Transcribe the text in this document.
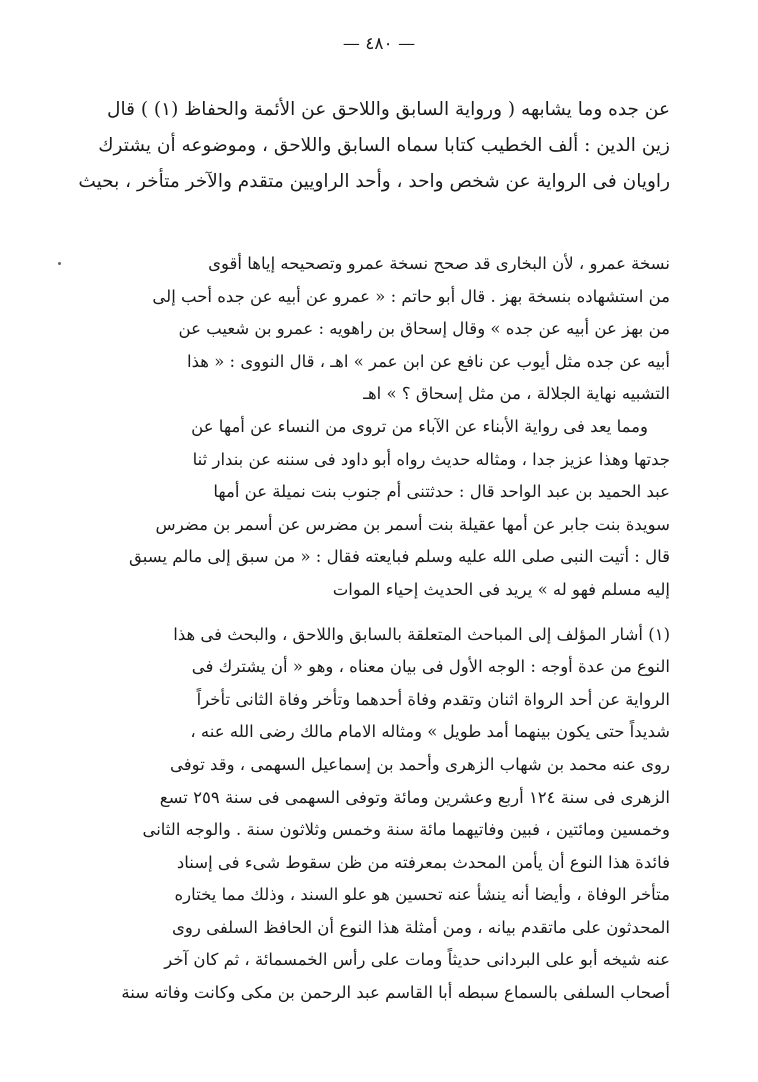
— ٤٨٠ —

عن جده وما يشابهه ( ورواية السابق واللاحق عن الأئمة والحفاظ (١) ) قال
زين الدين : ألف الخطيب كتابا سماه السابق واللاحق ، وموضوعه أن يشترك
راويان فى الرواية عن شخص واحد ، وأحد الراويين متقدم والآخر متأخر ، بحيث

نسخة عمرو ، لأن البخارى قد صحح نسخة عمرو وتصحيحه إياها أقوى
من استشهاده بنسخة بهز . قال أبو حاتم : « عمرو عن أبيه عن جده أحب إلى
من بهز عن أبيه عن جده » وقال إسحاق بن راهويه : عمرو بن شعيب عن
أبيه عن جده مثل أيوب عن نافع عن ابن عمر » اهـ ، قال النووى : « هذا
التشبيه نهاية الجلالة ، من مثل إسحاق ؟ » اهـ

ومما يعد فى رواية الأبناء عن الآباء من تروى من النساء عن أمها عن
جدتها وهذا عزيز جدا ، ومثاله حديث رواه أبو داود فى سننه عن بندار ثنا
عبد الحميد بن عبد الواحد قال : حدثتنى أم جنوب بنت نميلة عن أمها
سويدة بنت جابر عن أمها عقيلة بنت أسمر بن مضرس عن أسمر بن مضرس
قال : أتيت النبى صلى الله عليه وسلم فبايعته فقال : « من سبق إلى مالم يسبق
إليه مسلم فهو له » يريد فى الحديث إحياء الموات

(١) أشار المؤلف إلى المباحث المتعلقة بالسابق واللاحق ، والبحث فى هذا
النوع من عدة أوجه : الوجه الأول فى بيان معناه ، وهو « أن يشترك فى
الرواية عن أحد الرواة اثنان وتقدم وفاة أحدهما وتأخر وفاة الثانى تأخراً
شديداً حتى يكون بينهما أمد طويل » ومثاله الامام مالك رضى الله عنه ،
روى عنه محمد بن شهاب الزهرى وأحمد بن إسماعيل السهمى ، وقد توفى
الزهرى فى سنة ١٢٤ أربع وعشرين ومائة وتوفى السهمى فى سنة ٢٥٩ تسع
وخمسين ومائتين ، فبين وفاتيهما مائة سنة وخمس وثلاثون سنة . والوجه الثانى
فائدة هذا النوع أن يأمن المحدث بمعرفته من ظن سقوط شىء فى إسناد
متأخر الوفاة ، وأيضا أنه ينشأ عنه تحسين هو علو السند ، وذلك مما يختاره
المحدثون على ماتقدم بيانه ، ومن أمثلة هذا النوع أن الحافظ السلفى روى
عنه شيخه أبو على البردانى حديثاً ومات على رأس الخمسمائة ، ثم كان آخر
أصحاب السلفى بالسماع سبطه أبا القاسم عبد الرحمن بن مكى وكانت وفاته سنة
